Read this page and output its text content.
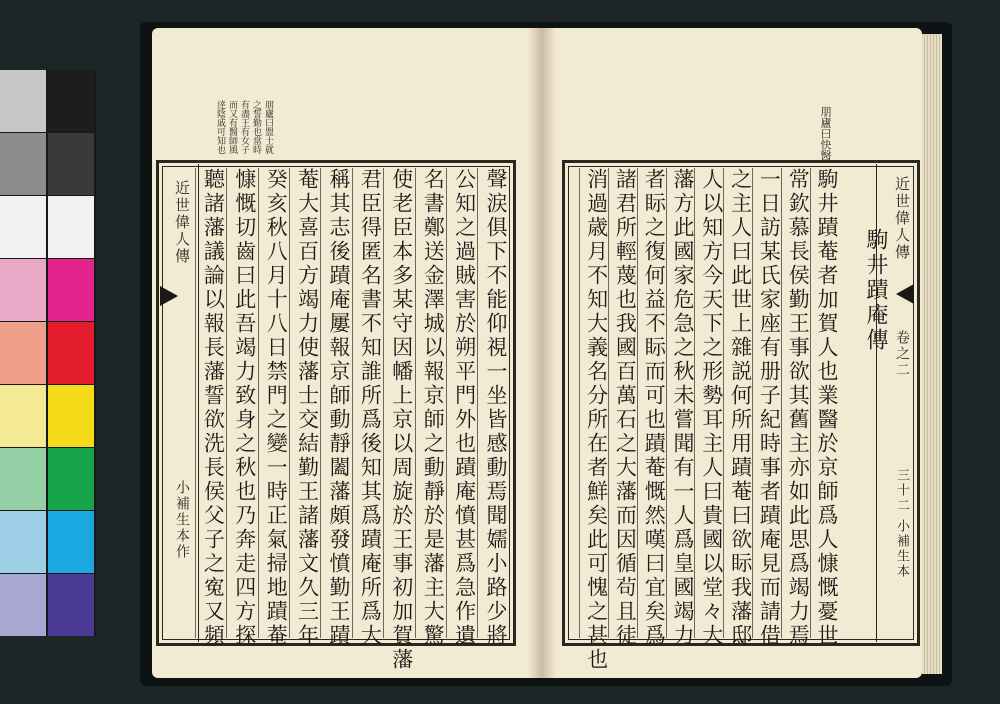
近世偉人傳
小補生本作	聲涙俱下不能仰視一坐皆感動焉聞嬬小路少將
公知之過賊害於朔平門外也蹟庵憤甚爲急作遺
名書鄭送金澤城以報京師之動靜於是藩主大驚
使老臣本多某守因幡上京以周旋於王事初加賀藩
君臣得匿名書不知誰所爲後知其爲蹟庵所爲大
稱其志後蹟庵屢報京師動靜闔藩頗發憤勤王蹟
菴大喜百方竭力使藩士交結勤王諸藩文久三年
癸亥秋八月十八日禁門之變一時正氣掃地蹟菴
慷慨切齒曰此吾竭力致身之秋也乃奔走四方探
聽諸藩議論以報長藩誓欲洗長侯父子之寃又頻
朋廬曰盟士就
之誓勤也當時
有盡王有女子
而又有醫師風
逹陰戚可知也
近世偉人傳
卷之二
三十二 小補生本
朋廬曰快醫
駒井蹟庵傳
駒井蹟菴者加賀人也業醫於京師爲人慷慨憂世
常欽慕長侯勤王事欲其舊主亦如此思爲竭力焉
一日訪某氏家座有册子紀時事者蹟庵見而請借
之主人曰此世上雜説何所用蹟菴曰欲眎我藩邸
人以知方今天下之形勢耳主人曰貴國以堂々大
藩方此國家危急之秋未嘗聞有一人爲皇國竭力
者眎之復何益不眎而可也蹟菴慨然嘆曰宜矣爲
諸君所輕蔑也我國百萬石之大藩而因循茍且徒
消過歳月不知大義名分所在者鮮矣此可愧之甚也
